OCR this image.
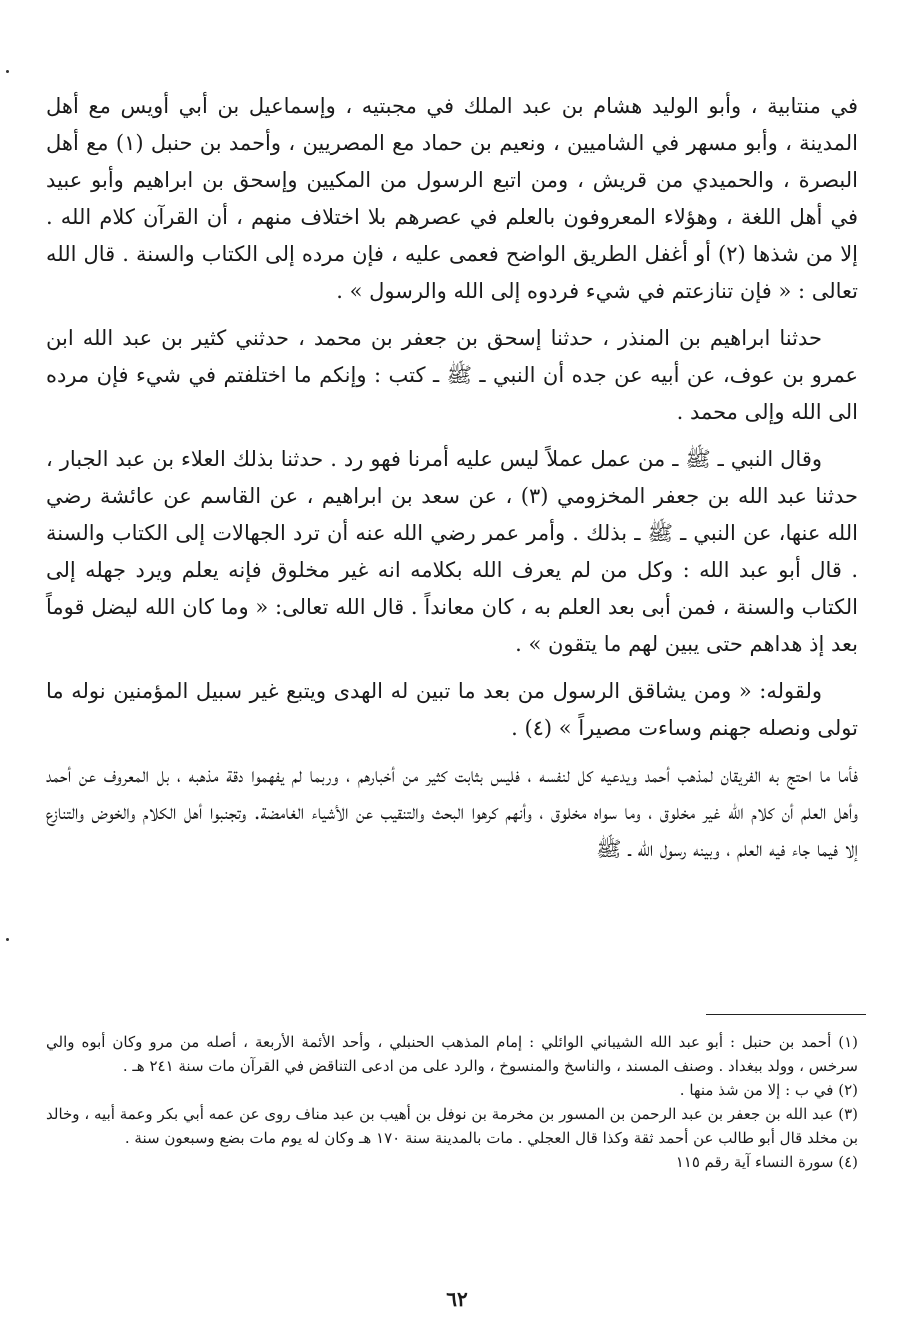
في منتابية ، وأبو الوليد هشام بن عبد الملك في مجبتيه ، وإسماعيل بن أبي أويس مع أهل المدينة ، وأبو مسهر في الشاميين ، ونعيم بن حماد مع المصريين ، وأحمد بن حنبل (١) مع أهل البصرة ، والحميدي من قريش ، ومن اتبع الرسول من المكيين وإسحق بن ابراهيم وأبو عبيد في أهل اللغة ، وهؤلاء المعروفون بالعلم في عصرهم بلا اختلاف منهم ، أن القرآن كلام الله . إلا من شذها (٢) أو أغفل الطريق الواضح فعمى عليه ، فإن مرده إلى الكتاب والسنة . قال الله تعالى : « فإن تنازعتم في شيء فردوه إلى الله والرسول » .

حدثنا ابراهيم بن المنذر ، حدثنا إسحق بن جعفر بن محمد ، حدثني كثير بن عبد الله ابن عمرو بن عوف، عن أبيه عن جده أن النبي ـ ﷺ ـ كتب : وإنكم ما اختلفتم في شيء فإن مرده الى الله وإلى محمد .

وقال النبي ـ ﷺ ـ من عمل عملاً ليس عليه أمرنا فهو رد . حدثنا بذلك العلاء بن عبد الجبار ، حدثنا عبد الله بن جعفر المخزومي (٣) ، عن سعد بن ابراهيم ، عن القاسم عن عائشة رضي الله عنها، عن النبي ـ ﷺ ـ بذلك . وأمر عمر رضي الله عنه أن ترد الجهالات إلى الكتاب والسنة . قال أبو عبد الله : وكل من لم يعرف الله بكلامه انه غير مخلوق فإنه يعلم ويرد جهله إلى الكتاب والسنة ، فمن أبى بعد العلم به ، كان معانداً . قال الله تعالى: « وما كان الله ليضل قوماً بعد إذ هداهم حتى يبين لهم ما يتقون » .

ولقوله: « ومن يشاقق الرسول من بعد ما تبين له الهدى ويتبع غير سبيل المؤمنين نوله ما تولى ونصله جهنم وساءت مصيراً » (٤) .

فأما ما احتج به الفريقان لمذهب أحمد ويدعيه كل لنفسه ، فليس بثابت كثير من أخبارهم ، وربما لم يفهموا دقة مذهبه ، بل المعروف عن أحمد وأهل العلم أن كلام الله غير مخلوق ، وما سواه مخلوق ، وأنهم كرهوا البحث والتنقيب عن الأشياء الغامضة. وتجنبوا أهل الكلام والخوض والتنازع إلا فيما جاء فيه العلم ، وبينه رسول الله ـ ﷺ

(١) أحمد بن حنبل : أبو عبد الله الشيباني الوائلي : إمام المذهب الحنبلي ، وأحد الأئمة الأربعة ، أصله من مرو وكان أبوه والي سرخس ، وولد ببغداد . وصنف المسند ، والناسخ والمنسوخ ، والرد على من ادعى التناقض في القرآن مات سنة ٢٤١ هـ .

(٢) في ب : إلا من شذ منها .

(٣) عبد الله بن جعفر بن عبد الرحمن بن المسور بن مخرمة بن نوفل بن أهيب بن عبد مناف روى عن عمه أبي بكر وعمة أبيه ، وخالد بن مخلد قال أبو طالب عن أحمد ثقة وكذا قال العجلي . مات بالمدينة سنة ١٧٠ هـ وكان له يوم مات بضع وسبعون سنة .

(٤) سورة النساء آية رقم ١١٥

٦٢
